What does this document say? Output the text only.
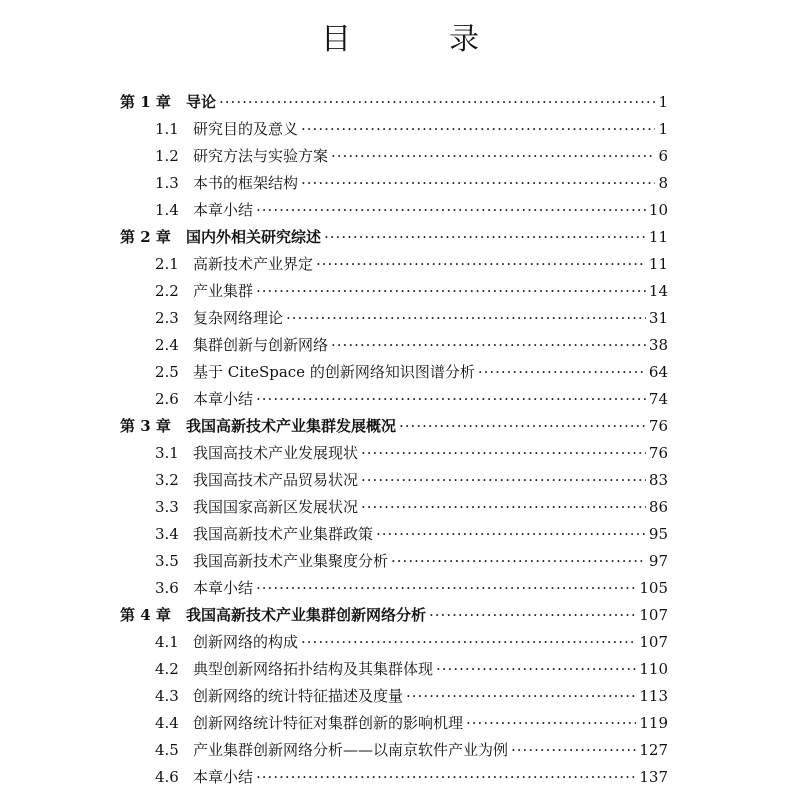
目　录
第 1 章	导论 ·····	1
1.1 研究目的及意义 ·····	1
1.2 研究方法与实验方案 ·····	6
1.3 本书的框架结构 ·····	8
1.4 本章小结 ·····	10
第 2 章	国内外相关研究综述 ·····	11
2.1 高新技术产业界定 ·····	11
2.2 产业集群 ·····	14
2.3 复杂网络理论 ·····	31
2.4 集群创新与创新网络 ·····	38
2.5 基于 CiteSpace 的创新网络知识图谱分析 ·····	64
2.6 本章小结 ·····	74
第 3 章	我国高新技术产业集群发展概况 ·····	76
3.1 我国高技术产业发展现状 ·····	76
3.2 我国高技术产品贸易状况 ·····	83
3.3 我国国家高新区发展状况 ·····	86
3.4 我国高新技术产业集群政策 ·····	95
3.5 我国高新技术产业集聚度分析 ·····	97
3.6 本章小结 ·····	105
第 4 章	我国高新技术产业集群创新网络分析 ·····	107
4.1 创新网络的构成 ·····	107
4.2 典型创新网络拓扑结构及其集群体现 ·····	110
4.3 创新网络的统计特征描述及度量 ·····	113
4.4 创新网络统计特征对集群创新的影响机理 ·····	119
4.5 产业集群创新网络分析——以南京软件产业为例 ·····	127
4.6 本章小结 ·····	137
